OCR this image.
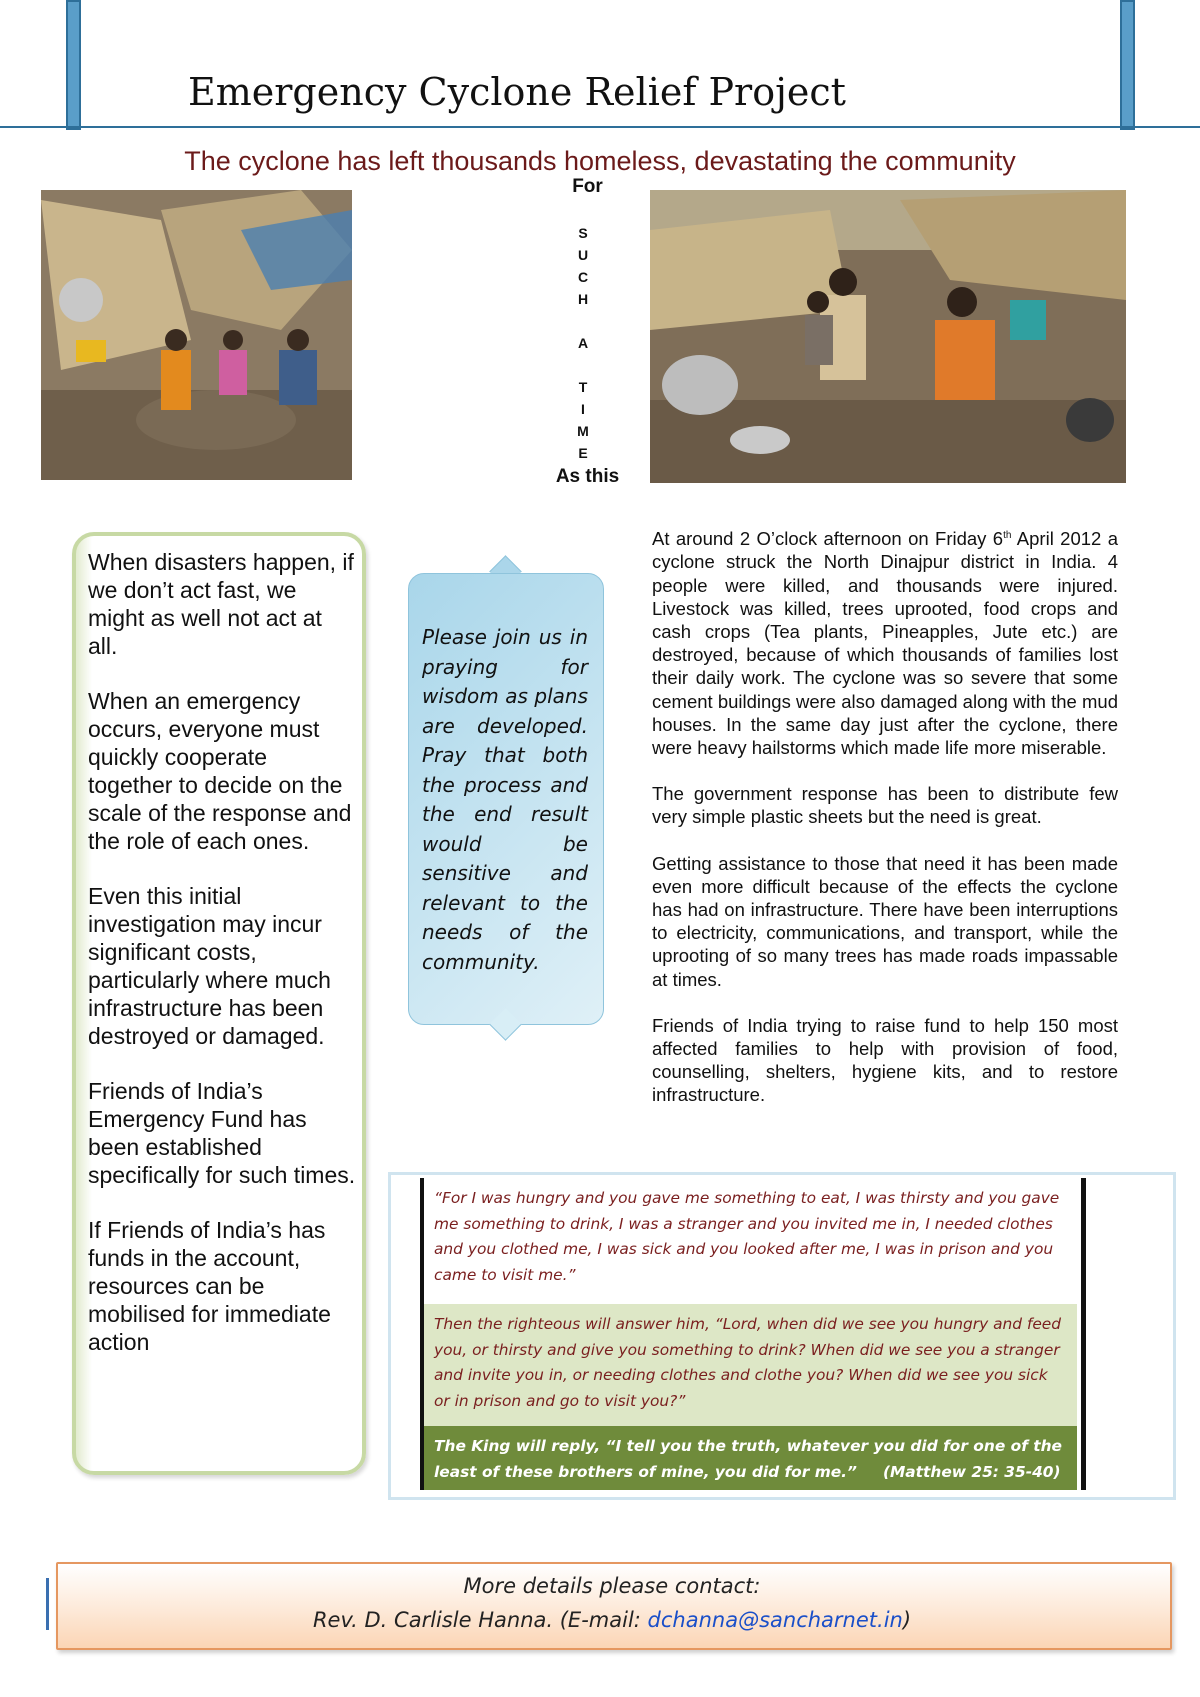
Emergency Cyclone Relief Project
The cyclone has left thousands homeless, devastating the community
For
S
U
C
H

A

T
I
M
E
As this

When disasters happen, if we don’t act fast, we might as well not act at all.

When an emergency occurs, everyone must quickly cooperate together to decide on the scale of the response and the role of each ones.

Even this initial investigation may incur significant costs, particularly where much infrastructure has been destroyed or damaged.

Friends of India’s Emergency Fund has been established specifically for such times.

If Friends of India’s has funds in the account, resources can be mobilised for immediate action

Please join us in praying for wisdom as plans are developed. Pray that both the process and the end result would be sensitive and relevant to the needs of the community.

At around 2 O’clock afternoon on Friday 6th April 2012 a cyclone struck the North Dinajpur district in India. 4 people were killed, and thousands were injured. Livestock was killed, trees uprooted, food crops and cash crops (Tea plants, Pineapples, Jute etc.) are destroyed, because of which thousands of families lost their daily work. The cyclone was so severe that some cement buildings were also damaged along with the mud houses. In the same day just after the cyclone, there were heavy hailstorms which made life more miserable.

The government response has been to distribute few very simple plastic sheets but the need is great.

Getting assistance to those that need it has been made even more difficult because of the effects the cyclone has had on infrastructure. There have been interruptions to electricity, communications, and transport, while the uprooting of so many trees has made roads impassable at times.

Friends of India trying to raise fund to help 150 most affected families to help with provision of food, counselling, shelters, hygiene kits, and to restore infrastructure.

“For I was hungry and you gave me something to eat, I was thirsty and you gave me something to drink, I was a stranger and you invited me in, I needed clothes and you clothed me, I was sick and you looked after me, I was in prison and you came to visit me.”
Then the righteous will answer him, “Lord, when did we see you hungry and feed you, or thirsty and give you something to drink? When did we see you a stranger and invite you in, or needing clothes and clothe you? When did we see you sick or in prison and go to visit you?”
The King will reply, “I tell you the truth, whatever you did for one of the least of these brothers of mine, you did for me.” (Matthew 25: 35-40)
More details please contact:
Rev. D. Carlisle Hanna. (E-mail: dchanna@sancharnet.in)
